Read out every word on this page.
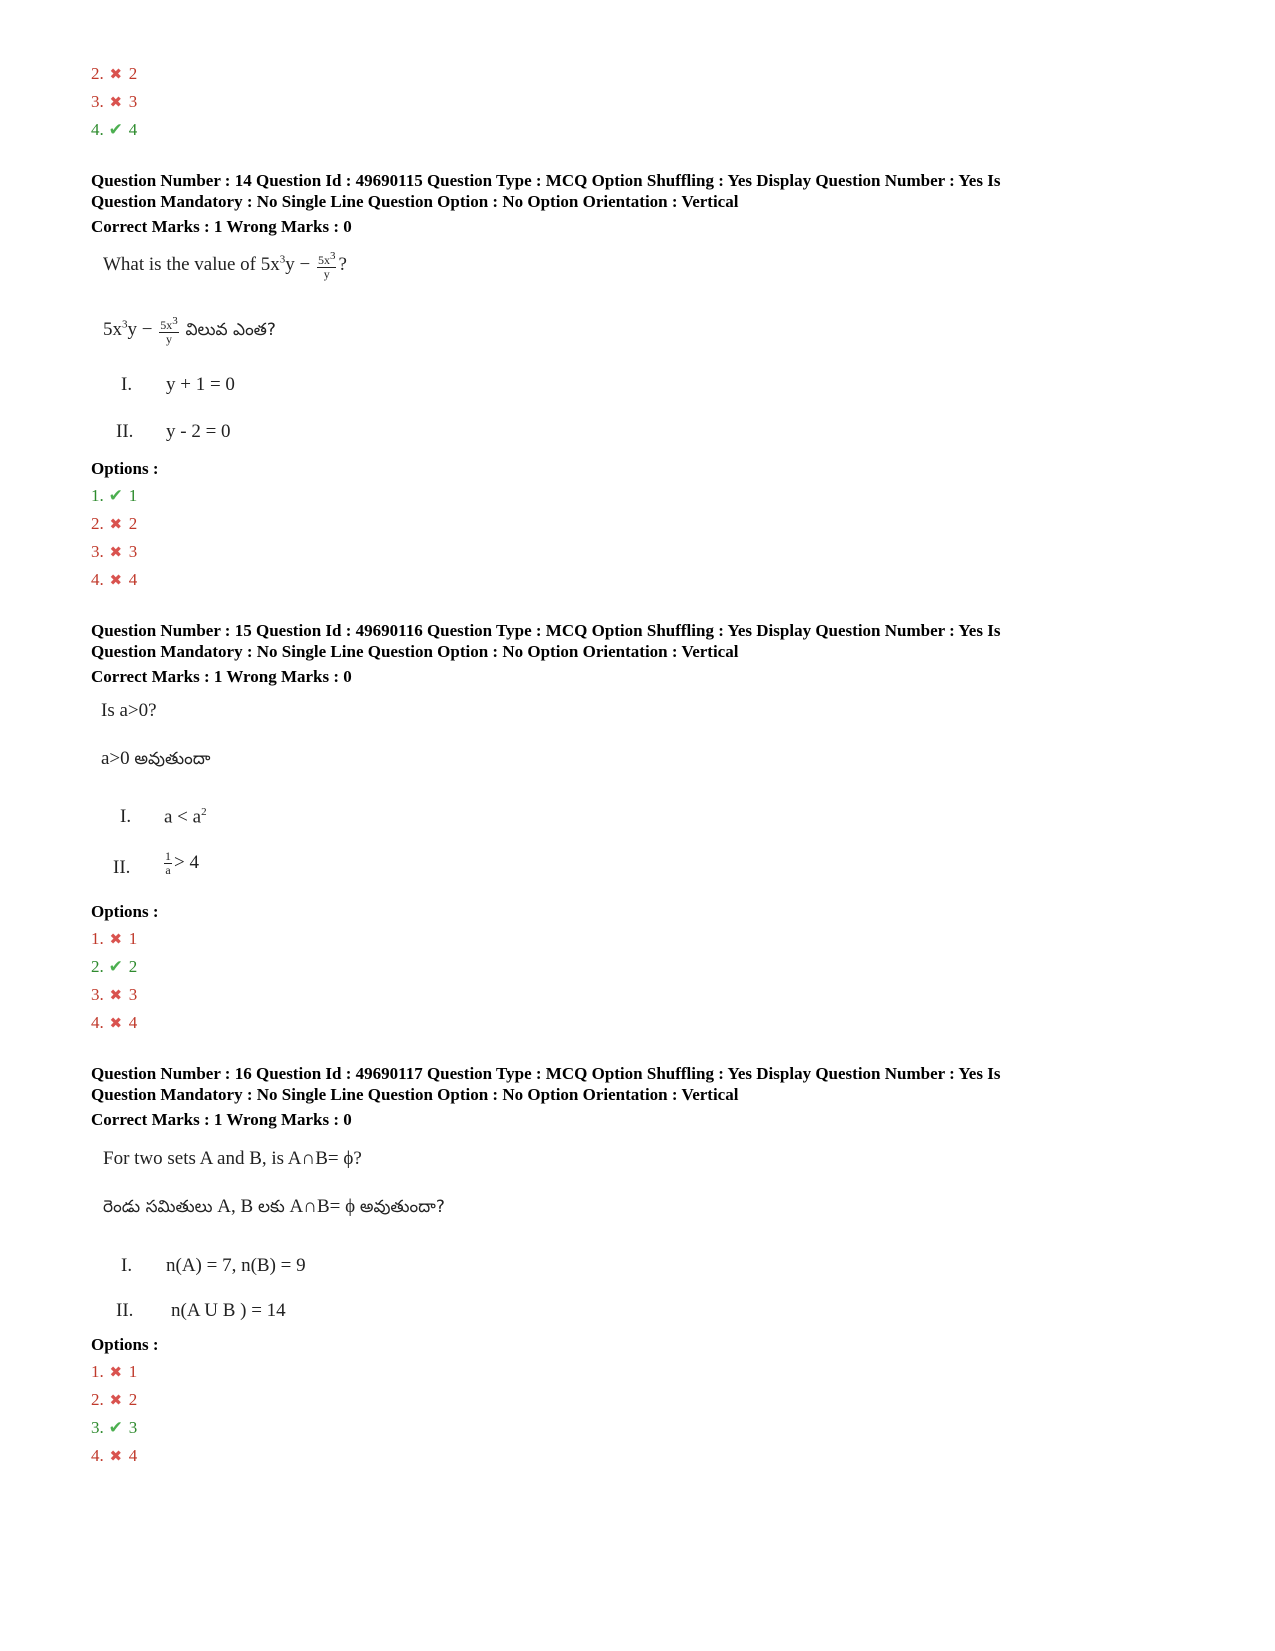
2. ✖ 2
3. ✖ 3
4. ✔ 4
Question Number : 14 Question Id : 49690115 Question Type : MCQ Option Shuffling : Yes Display Question Number : Yes Is
Question Mandatory : No Single Line Question Option : No Option Orientation : Vertical
Correct Marks : 1 Wrong Marks : 0
What is the value of $5x^3y - \frac{5x^3}{y}$ ?
$5x^3y - \frac{5x^3}{y}$ విలువ ఎంత?
I. y + 1 = 0
II. y - 2 = 0
Options :
1. ✔ 1
2. ✖ 2
3. ✖ 3
4. ✖ 4
Question Number : 15 Question Id : 49690116 Question Type : MCQ Option Shuffling : Yes Display Question Number : Yes Is
Question Mandatory : No Single Line Question Option : No Option Orientation : Vertical
Correct Marks : 1 Wrong Marks : 0
Is a>0?
a>0 అవుతుందా
I. $a < a^2$
II.	$\frac{1}{a} > 4$
Options :
1. ✖ 1
2. ✔ 2
3. ✖ 3
4. ✖ 4
Question Number : 16 Question Id : 49690117 Question Type : MCQ Option Shuffling : Yes Display Question Number : Yes Is
Question Mandatory : No Single Line Question Option : No Option Orientation : Vertical
Correct Marks : 1 Wrong Marks : 0
For two sets A and B, is A∩B= ϕ?
రెండు సమితులు A, B లకు A∩B= ϕ అవుతుందా?
I. n(A) = 7, n(B) = 9
II. n(A U B ) = 14
Options :
1. ✖ 1
2. ✖ 2
3. ✔ 3
4. ✖ 4
